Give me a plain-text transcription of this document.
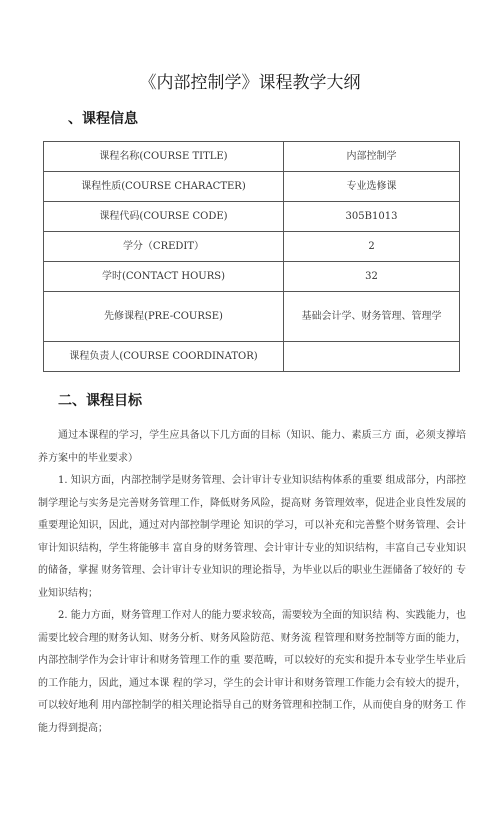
《内部控制学》课程教学大纲
、课程信息
课程名称(COURSE TITLE)	内部控制学
课程性质(COURSE CHARACTER)	专业选修课
课程代码(COURSE CODE)	305B1013
学分（CREDIT）	2
学时(CONTACT HOURS)	32
先修课程(PRE-COURSE)	基础会计学、财务管理、管理学
课程负责人(COURSE COORDINATOR)	
二、课程目标

通过本课程的学习，学生应具备以下几方面的目标（知识、能力、素质三方 面，必须支撑培养方案中的毕业要求）

1. 知识方面，内部控制学是财务管理、会计审计专业知识结构体系的重要 组成部分，内部控制学理论与实务是完善财务管理工作，降低财务风险，提高财 务管理效率，促进企业良性发展的重要理论知识，因此，通过对内部控制学理论 知识的学习，可以补充和完善整个财务管理、会计审计知识结构，学生将能够丰 富自身的财务管理、会计审计专业的知识结构，丰富自己专业知识的储备，掌握 财务管理、会计审计专业知识的理论指导，为毕业以后的职业生涯储备了较好的 专业知识结构；

2. 能力方面，财务管理工作对人的能力要求较高，需要较为全面的知识结 构、实践能力，也需要比较合理的财务认知、财务分析、财务风险防范、财务流 程管理和财务控制等方面的能力，内部控制学作为会计审计和财务管理工作的重 要范畴，可以较好的充实和提升本专业学生毕业后的工作能力，因此，通过本课 程的学习，学生的会计审计和财务管理工作能力会有较大的提升，可以较好地利 用内部控制学的相关理论指导自己的财务管理和控制工作，从而使自身的财务工 作能力得到提高；
